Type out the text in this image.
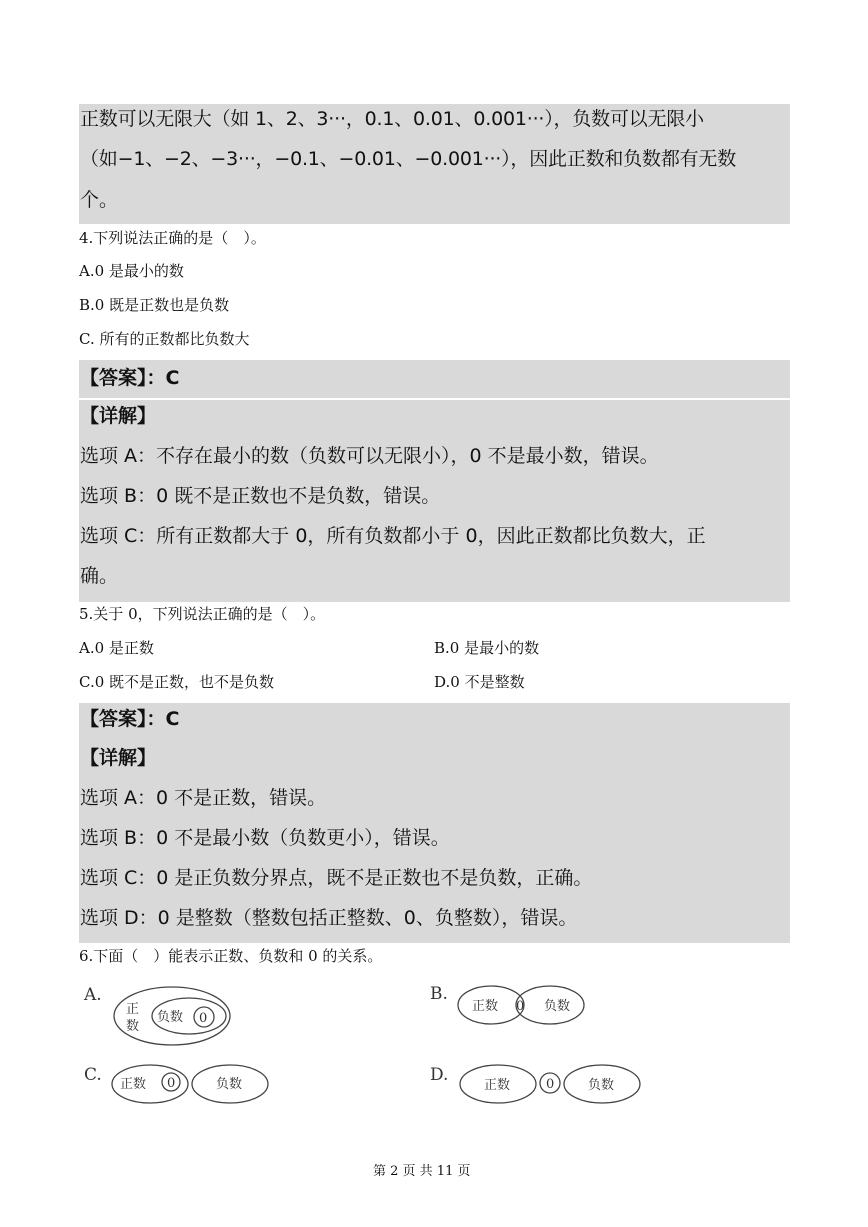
正数可以无限大（如 1、2、3···，0.1、0.01、0.001···），负数可以无限小
（如−1、−2、−3···，−0.1、−0.01、−0.001···），因此正数和负数都有无数
个。
4.下列说法正确的是（　）。
A.0 是最小的数
B.0 既是正数也是负数
C. 所有的正数都比负数大
【答案】：C
【详解】
选项 A：不存在最小的数（负数可以无限小），0 不是最小数，错误。
选项 B：0 既不是正数也不是负数，错误。
选项 C：所有正数都大于 0，所有负数都小于 0，因此正数都比负数大，正
确。
5.关于 0，下列说法正确的是（　）。
A.0 是正数	B.0 是最小的数
C.0 既不是正数，也不是负数	D.0 不是整数
【答案】：C
【详解】
选项 A：0 不是正数，错误。
选项 B：0 不是最小数（负数更小），错误。
选项 C：0 是正负数分界点，既不是正数也不是负数，正确。
选项 D：0 是整数（整数包括正整数、0、负整数），错误。
6.下面（　）能表示正数、负数和 0 的关系。
A.
正
数
负数 0
B.
正数 0 负数
C. 正数 0	负数	D.
正数	0	负数
第 2 页 共 11 页
